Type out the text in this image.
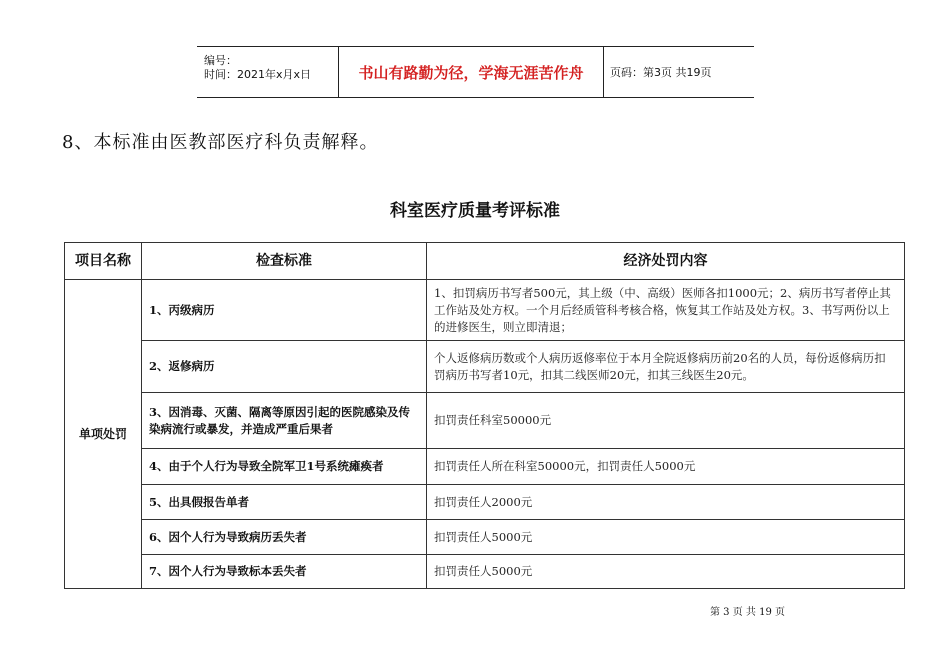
编号：
时间：2021年x月x日	书山有路勤为径，学海无涯苦作舟	页码：第3页 共19页
8、本标准由医教部医疗科负责解释。
科室医疗质量考评标准
项目名称	检查标准	经济处罚内容
单项处罚	1、丙级病历	1、扣罚病历书写者500元，其上级（中、高级）医师各扣1000元；2、病历书写者停止其工作站及处方权。一个月后经质管科考核合格，恢复其工作站及处方权。3、书写两份以上的进修医生，则立即清退；
	2、返修病历	个人返修病历数或个人病历返修率位于本月全院返修病历前20名的人员，每份返修病历扣罚病历书写者10元，扣其二线医师20元，扣其三线医生20元。
	3、因消毒、灭菌、隔离等原因引起的医院感染及传染病流行或暴发，并造成严重后果者	扣罚责任科室50000元
	4、由于个人行为导致全院军卫1号系统瘫痪者	扣罚责任人所在科室50000元，扣罚责任人5000元
	5、出具假报告单者	扣罚责任人2000元
	6、因个人行为导致病历丢失者	扣罚责任人5000元
	7、因个人行为导致标本丢失者	扣罚责任人5000元
第 3 页 共 19 页
